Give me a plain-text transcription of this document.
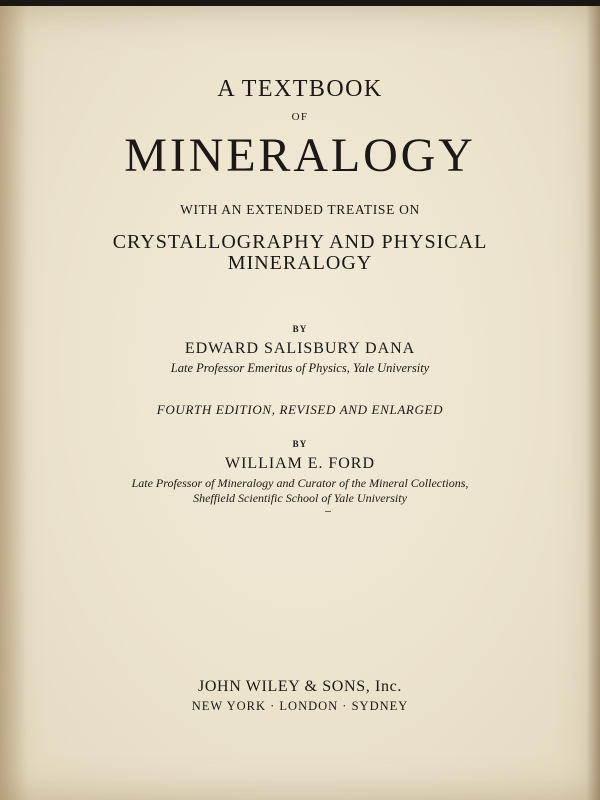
A TEXTBOOK

OF

MINERALOGY

WITH AN EXTENDED TREATISE ON

CRYSTALLOGRAPHY AND PHYSICAL

MINERALOGY

BY

EDWARD SALISBURY DANA

Late Professor Emeritus of Physics, Yale University

FOURTH EDITION, REVISED AND ENLARGED

BY

WILLIAM E. FORD

Late Professor of Mineralogy and Curator of the Mineral Collections,

Sheffield Scientific School of Yale University

JOHN WILEY & SONS, Inc.

NEW YORK · LONDON · SYDNEY
